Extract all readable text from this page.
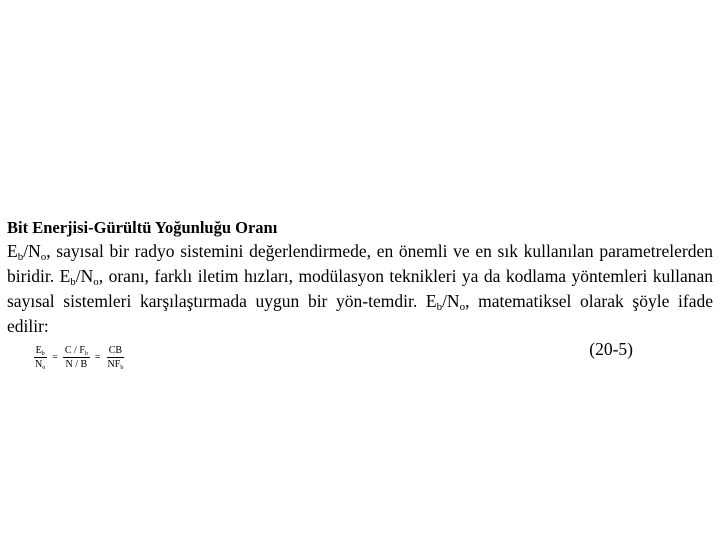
Bit Enerjisi-Gürültü Yoğunluğu Oranı

$E_b/N_o$, sayısal bir radyo sistemini değerlendirmede, en önemli ve en sık kullanılan parametrelerden biridir. $E_b/N_o$, oranı, farklı iletim hızları, modülasyon teknikleri ya da kodlama yöntemleri kullanan sayısal sistemleri karşılaştırmada uygun bir yön-temdir. $E_b/N_o$, matematiksel olarak şöyle ifade edilir:

$\frac{E_b}{N_o} = \frac{C / F_b}{N / B} = \frac{CB}{NF_b}$	(20-5)
